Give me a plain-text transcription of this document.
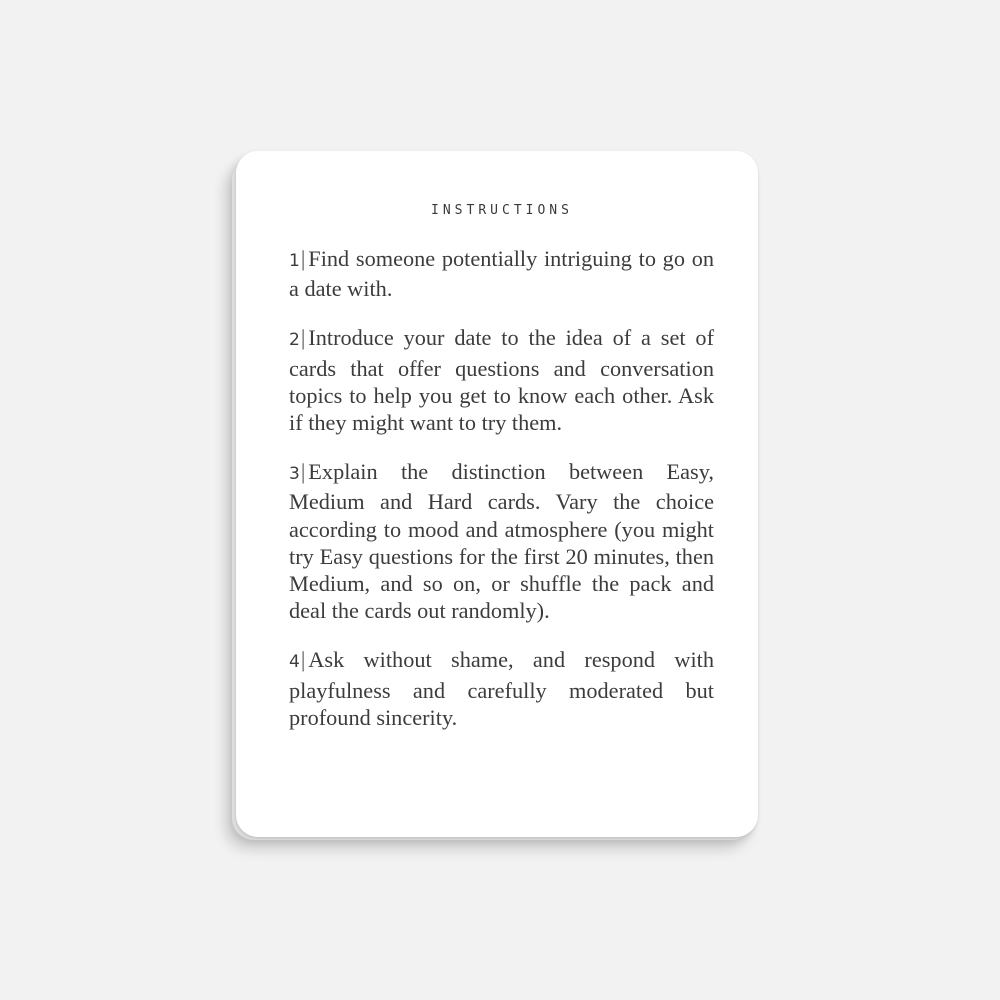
INSTRUCTIONS

1| Find someone potentially intriguing to go on a date with.

2| Introduce your date to the idea of a set of cards that offer questions and conversation topics to help you get to know each other. Ask if they might want to try them.

3| Explain the distinction between Easy, Medium and Hard cards. Vary the choice according to mood and atmosphere (you might try Easy questions for the first 20 minutes, then Medium, and so on, or shuffle the pack and deal the cards out randomly).

4| Ask without shame, and respond with playfulness and carefully moderated but profound sincerity.
